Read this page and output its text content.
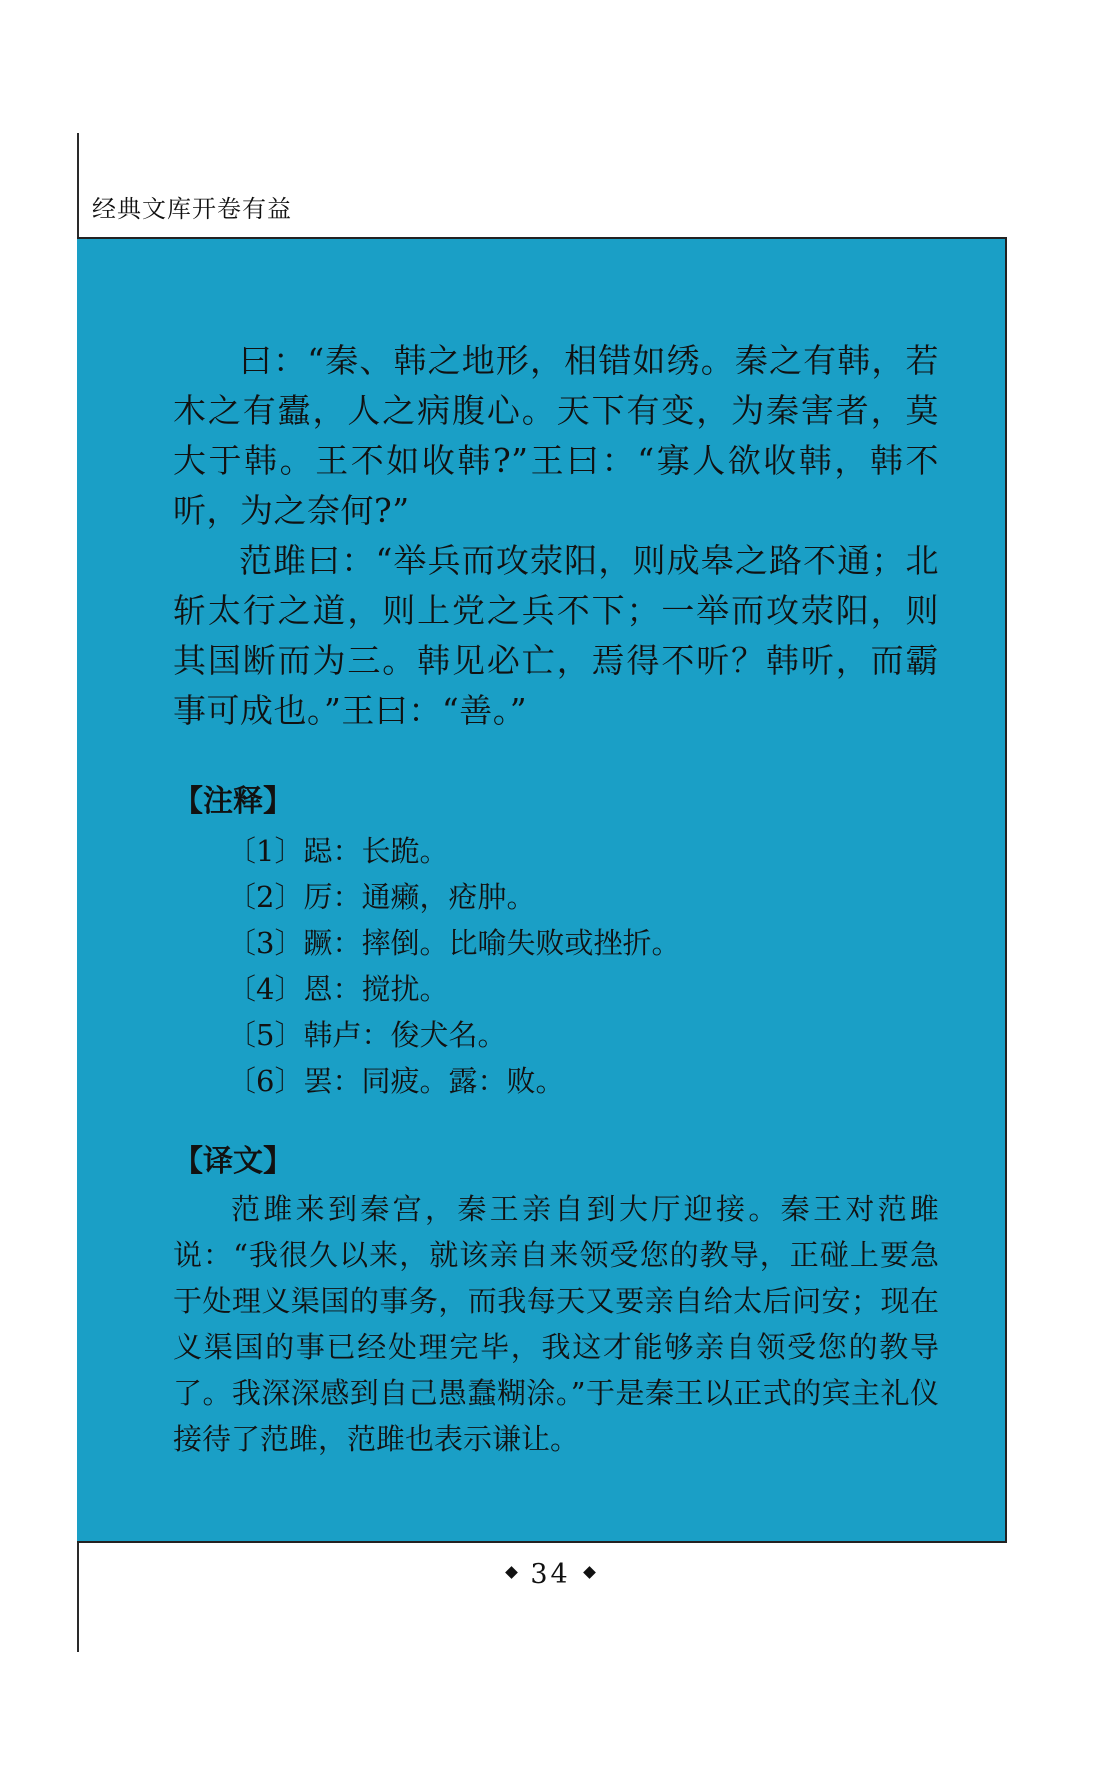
经典文库开卷有益

曰：“秦、韩之地形，相错如绣。秦之有韩，若木之有蠹，人之病腹心。天下有变，为秦害者，莫大于韩。王不如收韩?”王曰：“寡人欲收韩，韩不听，为之奈何?”

范雎曰：“举兵而攻荥阳，则成皋之路不通；北斩太行之道，则上党之兵不下；一举而攻荥阳，则其国断而为三。韩见必亡，焉得不听？韩听，而霸事可成也。”王曰：“善。”

【注释】
〔1〕跽：长跪。
〔2〕厉：通癞，疮肿。
〔3〕蹶：摔倒。比喻失败或挫折。
〔4〕恩：搅扰。
〔5〕韩卢：俊犬名。
〔6〕罢：同疲。露：败。
【译文】

范雎来到秦宫，秦王亲自到大厅迎接。秦王对范雎说：“我很久以来，就该亲自来领受您的教导，正碰上要急于处理义渠国的事务，而我每天又要亲自给太后问安；现在义渠国的事已经处理完毕，我这才能够亲自领受您的教导了。我深深感到自己愚蠢糊涂。”于是秦王以正式的宾主礼仪接待了范雎，范雎也表示谦让。

34
